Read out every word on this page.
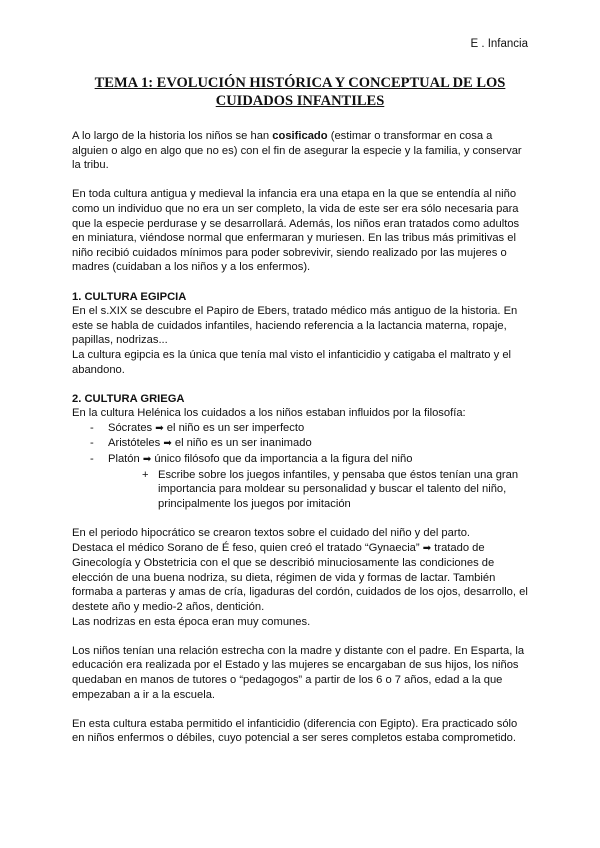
E . Infancia
TEMA 1: EVOLUCIÓN HISTÓRICA Y CONCEPTUAL DE LOS CUIDADOS INFANTILES

A lo largo de la historia los niños se han cosificado (estimar o transformar en cosa a alguien o algo en algo que no es) con el fin de asegurar la especie y la familia, y conservar la tribu.

En toda cultura antigua y medieval la infancia era una etapa en la que se entendía al niño como un individuo que no era un ser completo, la vida de este ser era sólo necesaria para que la especie perdurase y se desarrollará. Además, los niños eran tratados como adultos en miniatura, viéndose normal que enfermaran y muriesen. En las tribus más primitivas el niño recibió cuidados mínimos para poder sobrevivir, siendo realizado por las mujeres o madres (cuidaban a los niños y a los enfermos).

1. CULTURA EGIPCIA

En el s.XIX se descubre el Papiro de Ebers, tratado médico más antiguo de la historia. En este se habla de cuidados infantiles, haciendo referencia a la lactancia materna, ropaje, papillas, nodrizas...

La cultura egipcia es la única que tenía mal visto el infanticidio y catigaba el maltrato y el abandono.

2. CULTURA GRIEGA

En la cultura Helénica los cuidados a los niños estaban influidos por la filosofía:

- Sócrates ➡ el niño es un ser imperfecto
- Aristóteles ➡ el niño es un ser inanimado
- Platón ➡ único filósofo que da importancia a la figura del niño
+ Escribe sobre los juegos infantiles, y pensaba que éstos tenían una gran importancia para moldear su personalidad y buscar el talento del niño, principalmente los juegos por imitación

En el periodo hipocrático se crearon textos sobre el cuidado del niño y del parto.

Destaca el médico Sorano de É feso, quien creó el tratado “Gynaecia” ➡ tratado de Ginecología y Obstetricia con el que se describió minuciosamente las condiciones de elección de una buena nodriza, su dieta, régimen de vida y formas de lactar. También formaba a parteras y amas de cría, ligaduras del cordón, cuidados de los ojos, desarrollo, el destete año y medio-2 años, dentición.

Las nodrizas en esta época eran muy comunes.

Los niños tenían una relación estrecha con la madre y distante con el padre. En Esparta, la educación era realizada por el Estado y las mujeres se encargaban de sus hijos, los niños quedaban en manos de tutores o “pedagogos” a partir de los 6 o 7 años, edad a la que empezaban a ir a la escuela.

En esta cultura estaba permitido el infanticidio (diferencia con Egipto). Era practicado sólo en niños enfermos o débiles, cuyo potencial a ser seres completos estaba comprometido.
